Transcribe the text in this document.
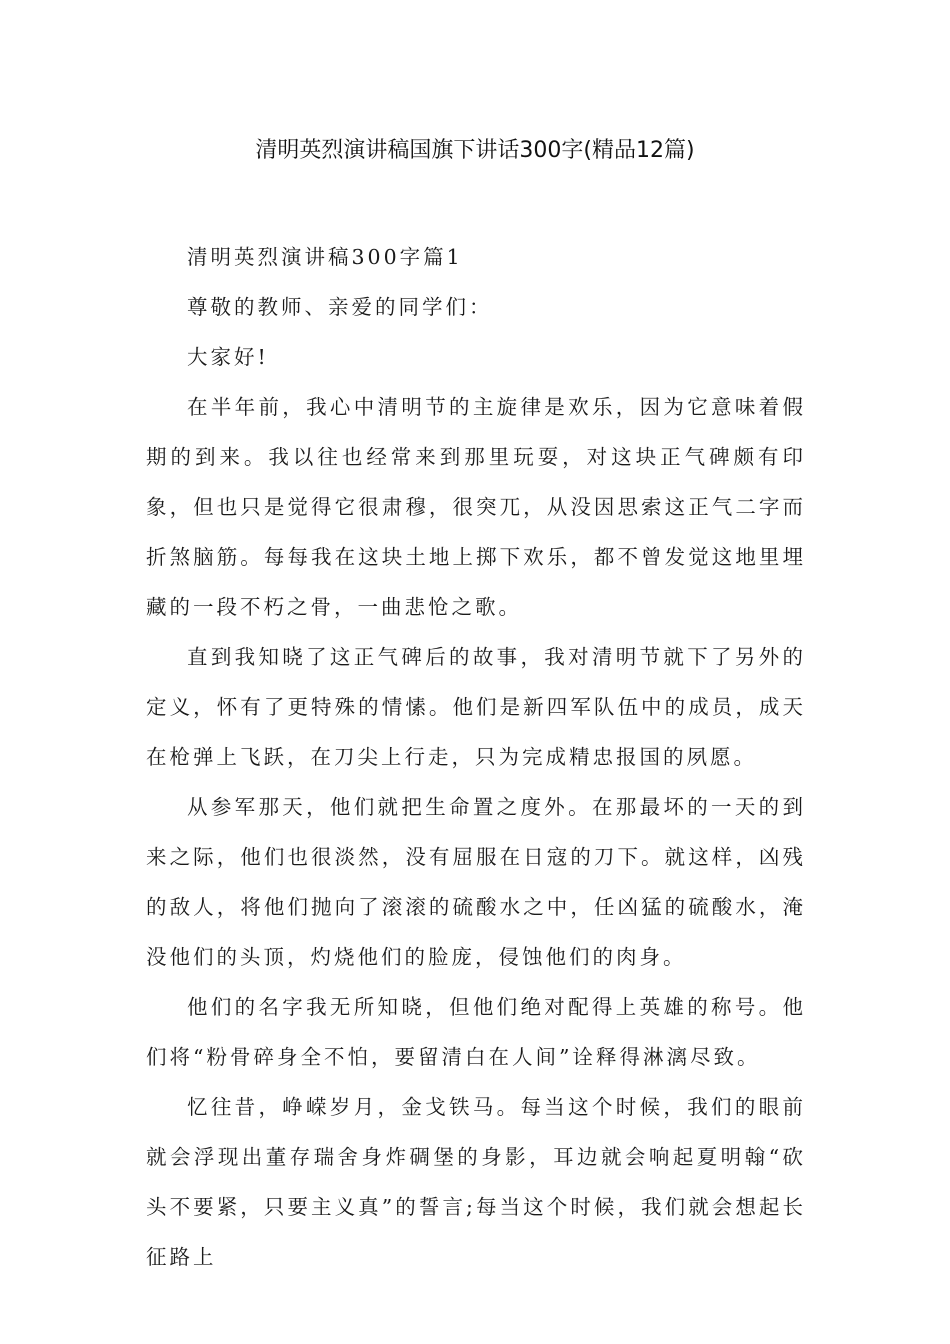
清明英烈演讲稿国旗下讲话300字(精品12篇)

清明英烈演讲稿300字篇1

尊敬的教师、亲爱的同学们：

大家好!

在半年前，我心中清明节的主旋律是欢乐，因为它意味着假期的到来。我以往也经常来到那里玩耍，对这块正气碑颇有印象，但也只是觉得它很肃穆，很突兀，从没因思索这正气二字而折煞脑筋。每每我在这块土地上掷下欢乐，都不曾发觉这地里埋藏的一段不朽之骨，一曲悲怆之歌。

直到我知晓了这正气碑后的故事，我对清明节就下了另外的定义，怀有了更特殊的情愫。他们是新四军队伍中的成员，成天在枪弹上飞跃，在刀尖上行走，只为完成精忠报国的夙愿。

从参军那天，他们就把生命置之度外。在那最坏的一天的到来之际，他们也很淡然，没有屈服在日寇的刀下。就这样，凶残的敌人，将他们抛向了滚滚的硫酸水之中，任凶猛的硫酸水，淹没他们的头顶，灼烧他们的脸庞，侵蚀他们的肉身。

他们的名字我无所知晓，但他们绝对配得上英雄的称号。他们将“粉骨碎身全不怕，要留清白在人间”诠释得淋漓尽致。

忆往昔，峥嵘岁月，金戈铁马。每当这个时候，我们的眼前就会浮现出董存瑞舍身炸碉堡的身影，耳边就会响起夏明翰“砍头不要紧，只要主义真”的誓言;每当这个时候，我们就会想起长征路上
